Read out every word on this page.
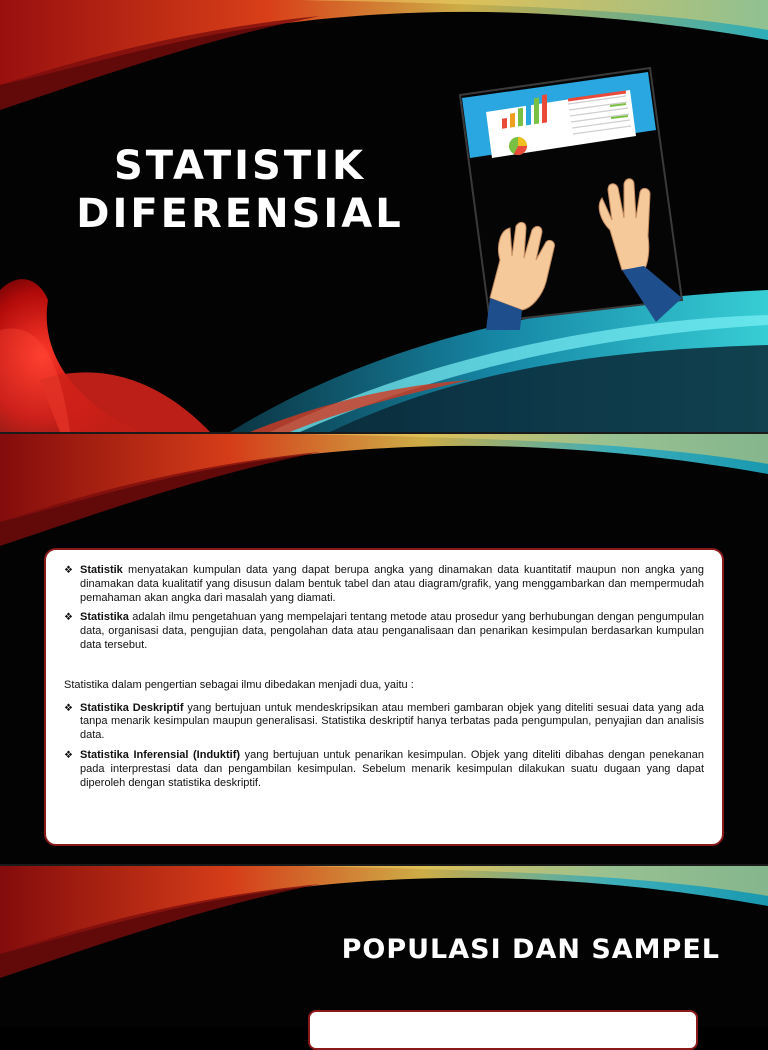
STATISTIK
DIFERENSIAL
❖ Statistik menyatakan kumpulan data yang dapat berupa angka yang dinamakan data kuantitatif maupun non angka yang dinamakan data kualitatif yang disusun dalam bentuk tabel dan atau diagram/grafik, yang menggambarkan dan mempermudah pemahaman akan angka dari masalah yang diamati.
❖ Statistika adalah ilmu pengetahuan yang mempelajari tentang metode atau prosedur yang berhubungan dengan pengumpulan data, organisasi data, pengujian data, pengolahan data atau penganalisaan dan penarikan kesimpulan berdasarkan kumpulan data tersebut.
Statistika dalam pengertian sebagai ilmu dibedakan menjadi dua, yaitu :
❖ Statistika Deskriptif yang bertujuan untuk mendeskripsikan atau memberi gambaran objek yang diteliti sesuai data yang ada tanpa menarik kesimpulan maupun generalisasi. Statistika deskriptif hanya terbatas pada pengumpulan, penyajian dan analisis data.
❖ Statistika Inferensial (Induktif) yang bertujuan untuk penarikan kesimpulan. Objek yang diteliti dibahas dengan penekanan pada interprestasi data dan pengambilan kesimpulan. Sebelum menarik kesimpulan dilakukan suatu dugaan yang dapat diperoleh dengan statistika deskriptif.
POPULASI DAN SAMPEL
